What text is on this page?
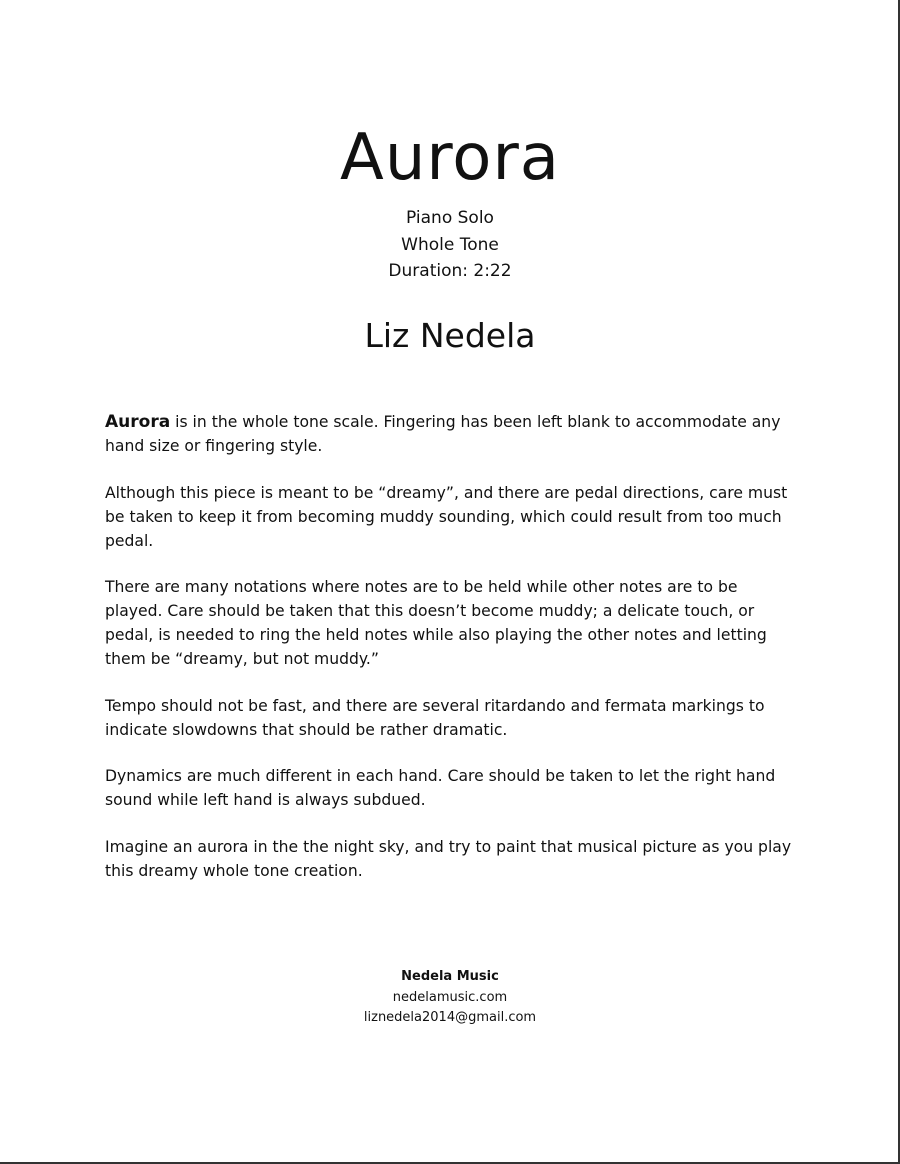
Aurora
Piano Solo
Whole Tone
Duration: 2:22
Liz Nedela

Aurora is in the whole tone scale. Fingering has been left blank to accommodate any hand size or fingering style.

Although this piece is meant to be “dreamy”, and there are pedal directions, care must be taken to keep it from becoming muddy sounding, which could result from too much pedal.

There are many notations where notes are to be held while other notes are to be played. Care should be taken that this doesn’t become muddy; a delicate touch, or pedal, is needed to ring the held notes while also playing the other notes and letting them be “dreamy, but not muddy.”

Tempo should not be fast, and there are several ritardando and fermata markings to indicate slowdowns that should be rather dramatic.

Dynamics are much different in each hand. Care should be taken to let the right hand sound while left hand is always subdued.

Imagine an aurora in the the night sky, and try to paint that musical picture as you play this dreamy whole tone creation.

Nedela Music
nedelamusic.com
liznedela2014@gmail.com
